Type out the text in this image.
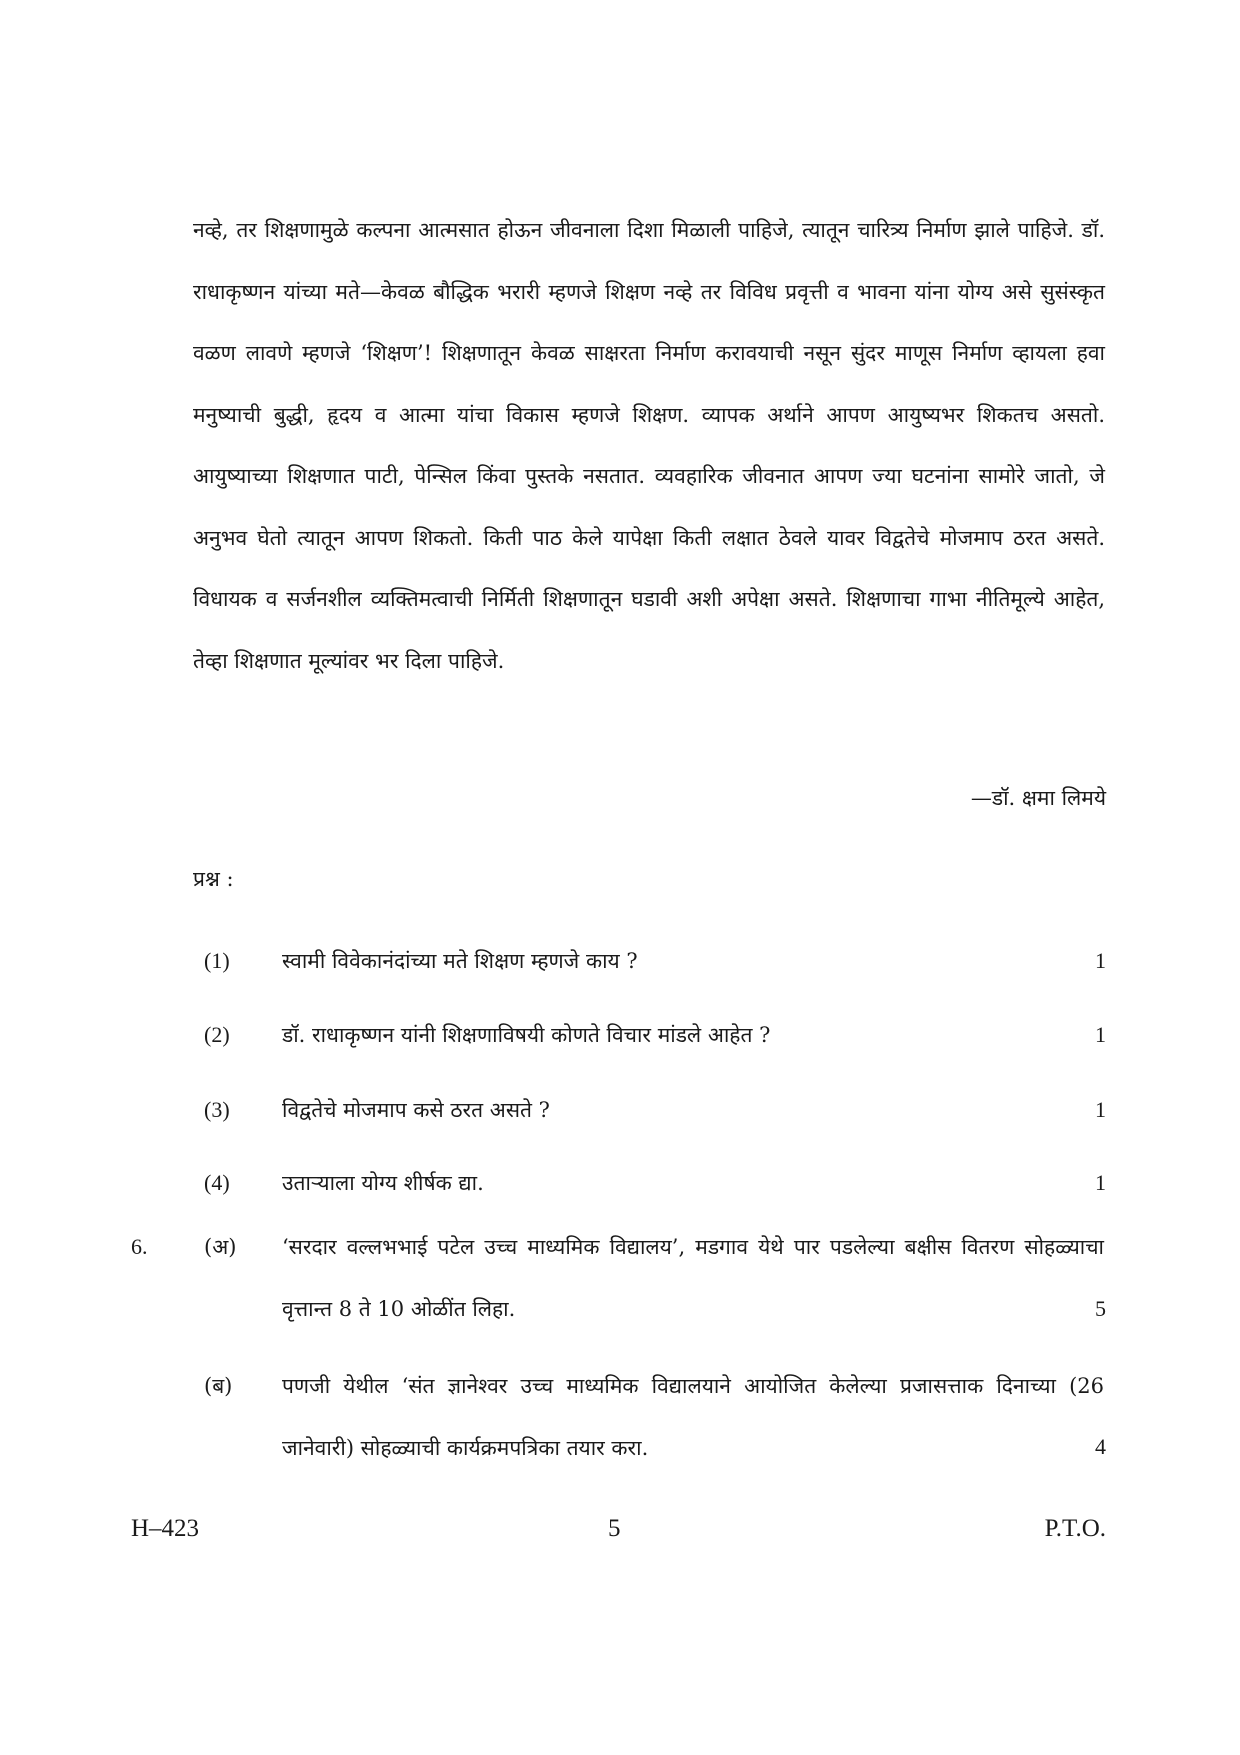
नव्हे, तर शिक्षणामुळे कल्पना आत्मसात होऊन जीवनाला दिशा मिळाली पाहिजे, त्यातून चारित्र्य निर्माण झाले पाहिजे. डॉ. राधाकृष्णन यांच्या मते—केवळ बौद्धिक भरारी म्हणजे शिक्षण नव्हे तर विविध प्रवृत्ती व भावना यांना योग्य असे सुसंस्कृत वळण लावणे म्हणजे ‘शिक्षण’! शिक्षणातून केवळ साक्षरता निर्माण करावयाची नसून सुंदर माणूस निर्माण व्हायला हवा मनुष्याची बुद्धी, हृदय व आत्मा यांचा विकास म्हणजे शिक्षण. व्यापक अर्थाने आपण आयुष्यभर शिकतच असतो. आयुष्याच्या शिक्षणात पाटी, पेन्सिल किंवा पुस्तके नसतात. व्यवहारिक जीवनात आपण ज्या घटनांना सामोरे जातो, जे अनुभव घेतो त्यातून आपण शिकतो. किती पाठ केले यापेक्षा किती लक्षात ठेवले यावर विद्वतेचे मोजमाप ठरत असते. विधायक व सर्जनशील व्यक्तिमत्वाची निर्मिती शिक्षणातून घडावी अशी अपेक्षा असते. शिक्षणाचा गाभा नीतिमूल्ये आहेत, तेव्हा शिक्षणात मूल्यांवर भर दिला पाहिजे.

—डॉ. क्षमा लिमये
प्रश्न :
(1) स्वामी विवेकानंदांच्या मते शिक्षण म्हणजे काय ?	1
(2) डॉ. राधाकृष्णन यांनी शिक्षणाविषयी कोणते विचार मांडले आहेत ?	1
(3) विद्वतेचे मोजमाप कसे ठरत असते ?	1
(4) उताऱ्याला योग्य शीर्षक द्या.	1
6.	(अ) ‘सरदार वल्लभभाई पटेल उच्च माध्यमिक विद्यालय’, मडगाव येथे पार पडलेल्या बक्षीस वितरण सोहळ्याचा वृत्तान्त 8 ते 10 ओळींत लिहा.	5
(ब) पणजी येथील ‘संत ज्ञानेश्वर उच्च माध्यमिक विद्यालयाने आयोजित केलेल्या प्रजासत्ताक दिनाच्या (26 जानेवारी) सोहळ्याची कार्यक्रमपत्रिका तयार करा.	4
H–423	5	P.T.O.
